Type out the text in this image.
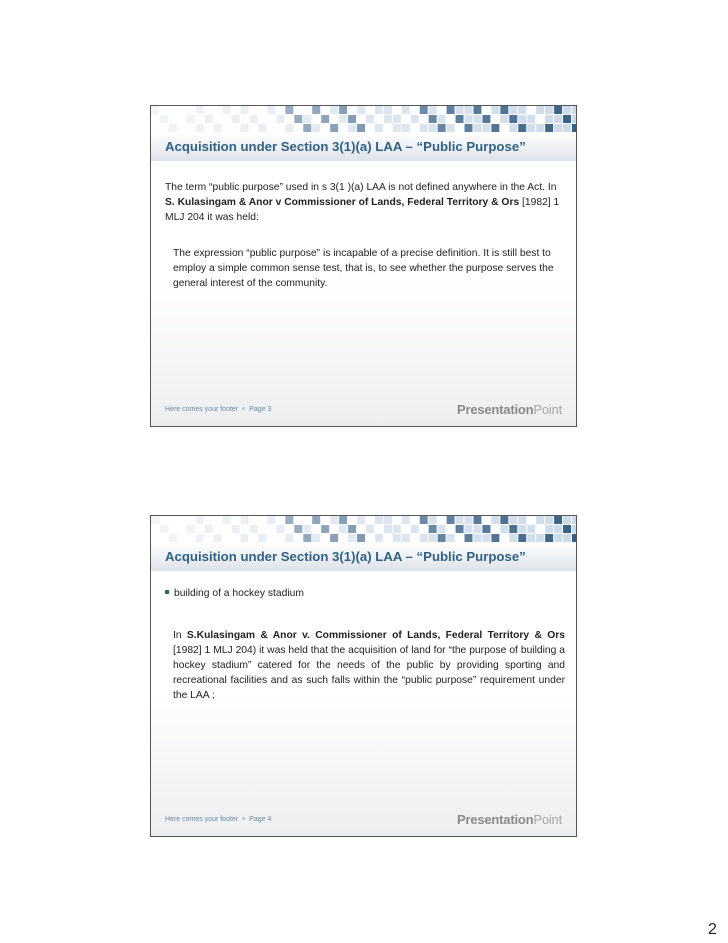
Acquisition under Section 3(1)(a) LAA – “Public Purpose”

The term “public purpose” used in s 3(1 )(a) LAA is not defined anywhere in the Act. In S. Kulasingam & Anor v Commissioner of Lands, Federal Territory & Ors [1982] 1 MLJ 204 it was held:

The expression “public purpose” is incapable of a precise definition. It is still best to employ a simple common sense test, that is, to see whether the purpose serves the general interest of the community.

Here comes your footer Page 3	PresentationPoint
Acquisition under Section 3(1)(a) LAA – “Public Purpose”

building of a hockey stadium

In S.Kulasingam & Anor v. Commissioner of Lands, Federal Territory & Ors [1982] 1 MLJ 204) it was held that the acquisition of land for “the purpose of building a hockey stadium” catered for the needs of the public by providing sporting and recreational facilities and as such falls within the “public purpose” requirement under the LAA ;

Here comes your footer Page 4	PresentationPoint
2
